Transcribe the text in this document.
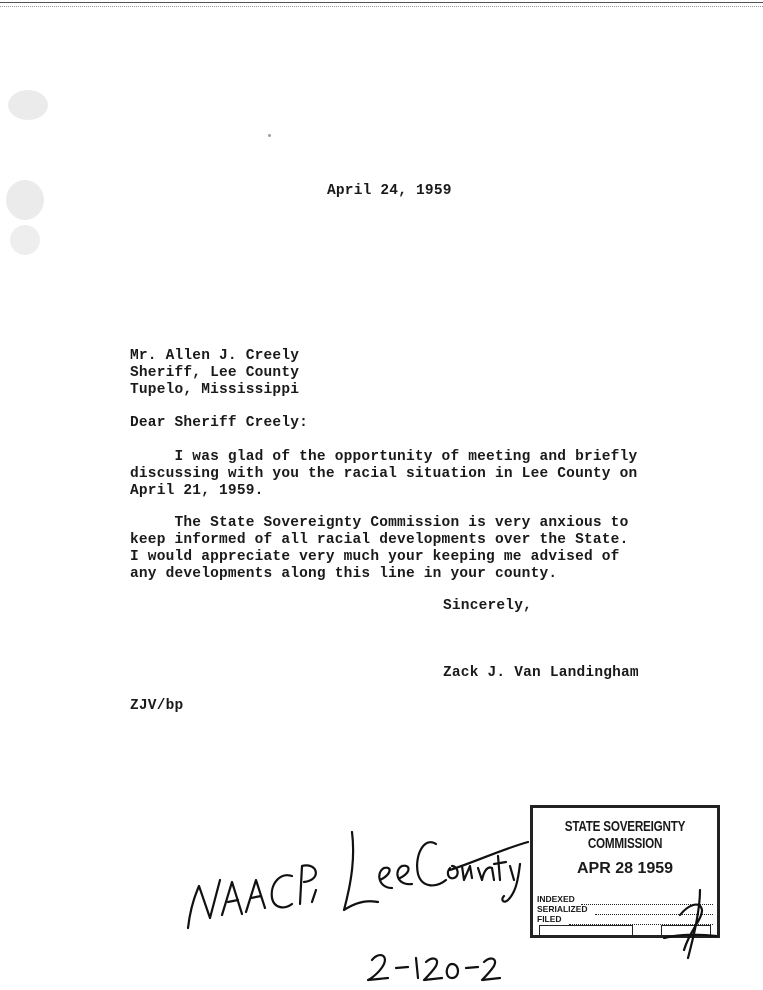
April 24, 1959
Mr. Allen J. Creely
Sheriff, Lee County
Tupelo, Mississippi
Dear Sheriff Creely:
I was glad of the opportunity of meeting and briefly
discussing with you the racial situation in Lee County on
April 21, 1959.
The State Sovereignty Commission is very anxious to
keep informed of all racial developments over the State.
I would appreciate very much your keeping me advised of
any developments along this line in your county.
Sincerely,
Zack J. Van Landingham
ZJV/bp
STATE SOVEREIGNTY COMMISSION
APR 28 1959
INDEXED
SERIALIZED
FILED
